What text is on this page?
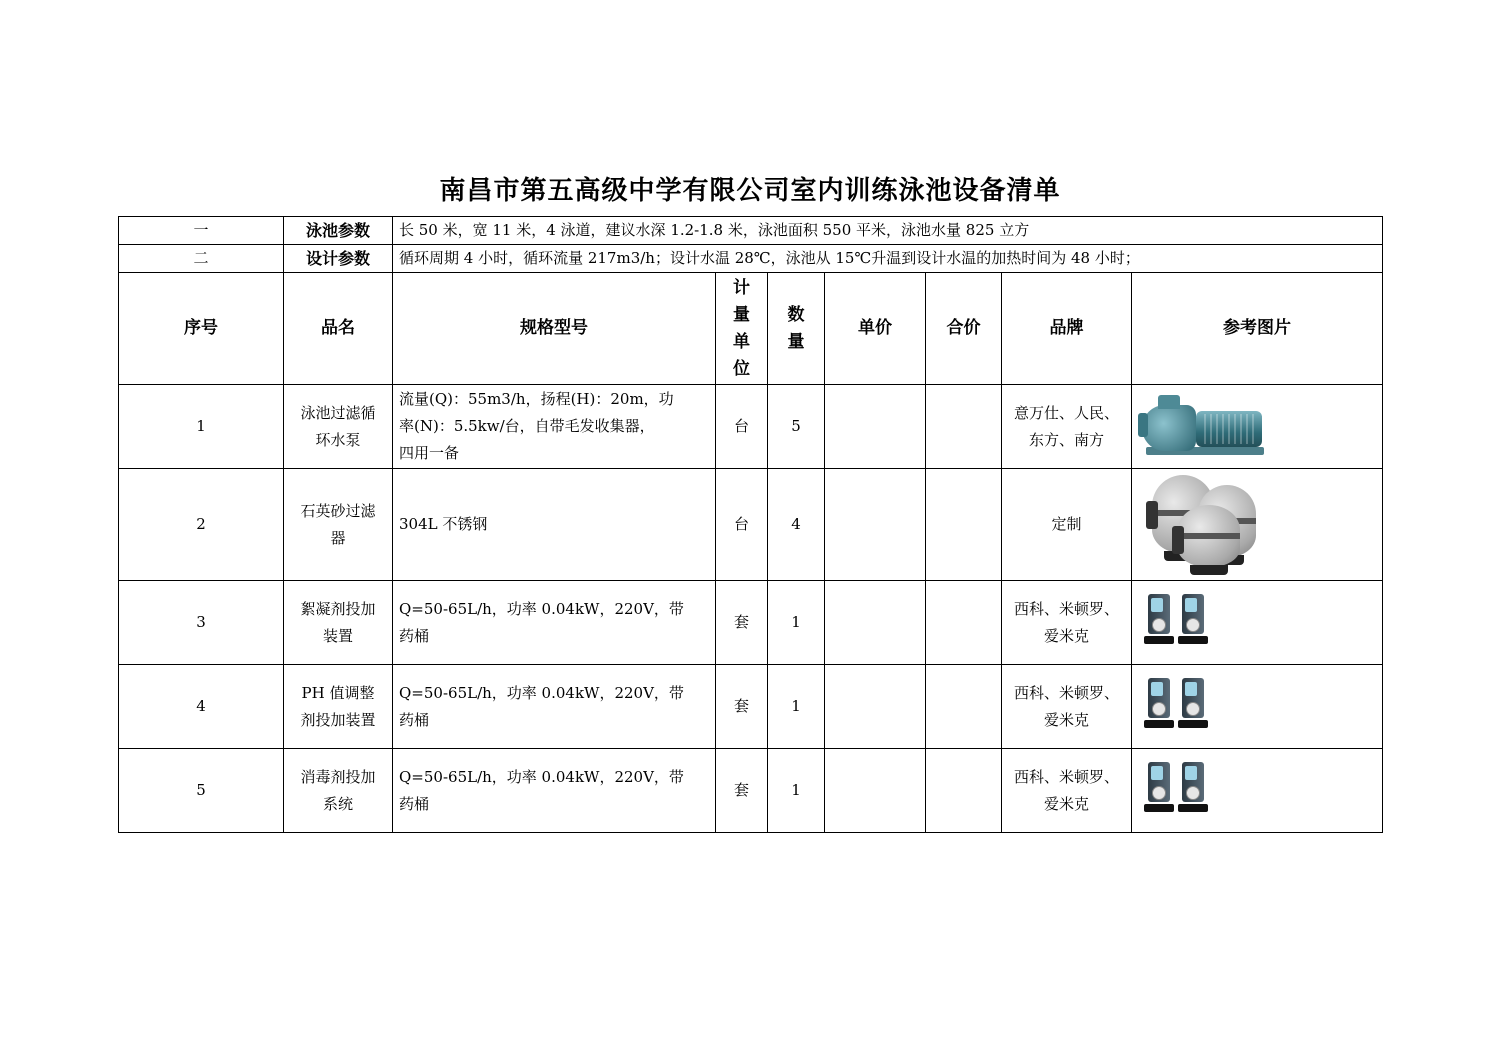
南昌市第五高级中学有限公司室内训练泳池设备清单
一	泳池参数	长 50 米，宽 11 米，4 泳道，建议水深 1.2-1.8 米，泳池面积 550 平米，泳池水量 825 立方						
二	设计参数	循环周期 4 小时，循环流量 217m3/h；设计水温 28℃，泳池从 15℃升温到设计水温的加热时间为 48 小时；						
序号	品名	规格型号	计
量
单
位	数
量	单价	合价	品牌	参考图片
1	泳池过滤循
环水泵	流量(Q)：55m3/h，扬程(H)：20m，功
率(N)：5.5kw/台，自带毛发收集器，
四用一备	台	5			意万仕、人民、
东方、南方	

2	石英砂过滤
器	304L 不锈钢	台	4			定制	

3	絮凝剂投加
装置	Q=50-65L/h，功率 0.04kW，220V，带
药桶	套	1			西科、米顿罗、
爱米克	

4	PH 值调整
剂投加装置	Q=50-65L/h，功率 0.04kW，220V，带
药桶	套	1			西科、米顿罗、
爱米克	

5	消毒剂投加
系统	Q=50-65L/h，功率 0.04kW，220V，带
药桶	套	1			西科、米顿罗、
爱米克	
